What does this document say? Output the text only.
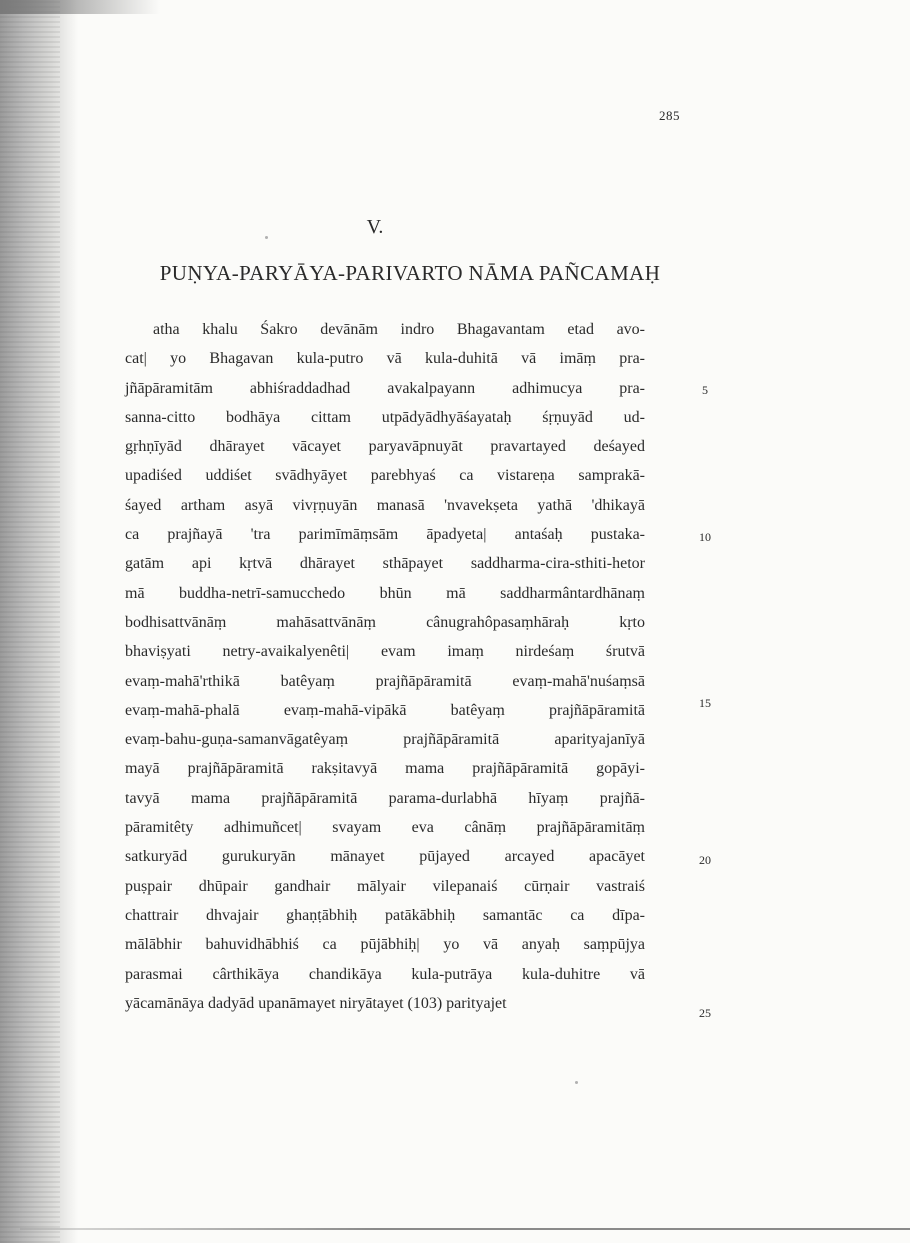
285
V.
PUṆYA-PARYĀYA-PARIVARTO NĀMA PAÑCAMAḤ
atha khalu Śakro devānām indro Bhagavantam etad avo-
cat| yo Bhagavan kula-putro vā kula-duhitā vā imāṃ pra-
jñāpāramitām abhiśraddadhad avakalpayann adhimucya pra-
sanna-citto bodhāya cittam utpādyādhyāśayataḥ śṛṇuyād ud-
gṛhṇīyād dhārayet vācayet paryavāpnuyāt pravartayed deśayed
upadiśed uddiśet svādhyāyet parebhyaś ca vistareṇa samprakā-
śayed artham asyā vivṛṇuyān manasā 'nvavekṣeta yathā 'dhikayā
ca prajñayā 'tra parimīmāṃsām āpadyeta| antaśaḥ pustaka-
gatām api kṛtvā dhārayet sthāpayet saddharma-cira-sthiti-hetor
mā buddha-netrī-samucchedo bhūn mā saddharmântardhānaṃ
bodhisattvānāṃ mahāsattvānāṃ cânugrahôpasaṃhāraḥ kṛto
bhaviṣyati netry-avaikalyenêti| evam imaṃ nirdeśaṃ śrutvā
evaṃ-mahā'rthikā batêyaṃ prajñāpāramitā evaṃ-mahā'nuśaṃsā
evaṃ-mahā-phalā evaṃ-mahā-vipākā batêyaṃ prajñāpāramitā
evaṃ-bahu-guṇa-samanvāgatêyaṃ prajñāpāramitā aparityajanīyā
mayā prajñāpāramitā rakṣitavyā mama prajñāpāramitā gopāyi-
tavyā mama prajñāpāramitā parama-durlabhā hīyaṃ prajñā-
pāramitêty adhimuñcet| svayam eva cânāṃ prajñāpāramitāṃ
satkuryād gurukuryān mānayet pūjayed arcayed apacāyet
puṣpair dhūpair gandhair mālyair vilepanaiś cūrṇair vastraiś
chattrair dhvajair ghaṇṭābhiḥ patākābhiḥ samantāc ca dīpa-
mālābhir bahuvidhābhiś ca pūjābhiḥ| yo vā anyaḥ saṃpūjya
parasmai cârthikāya chandikāya kula-putrāya kula-duhitre vā
yācamānāya dadyād upanāmayet niryātayet (103) parityajet
5
10
15
20
25
